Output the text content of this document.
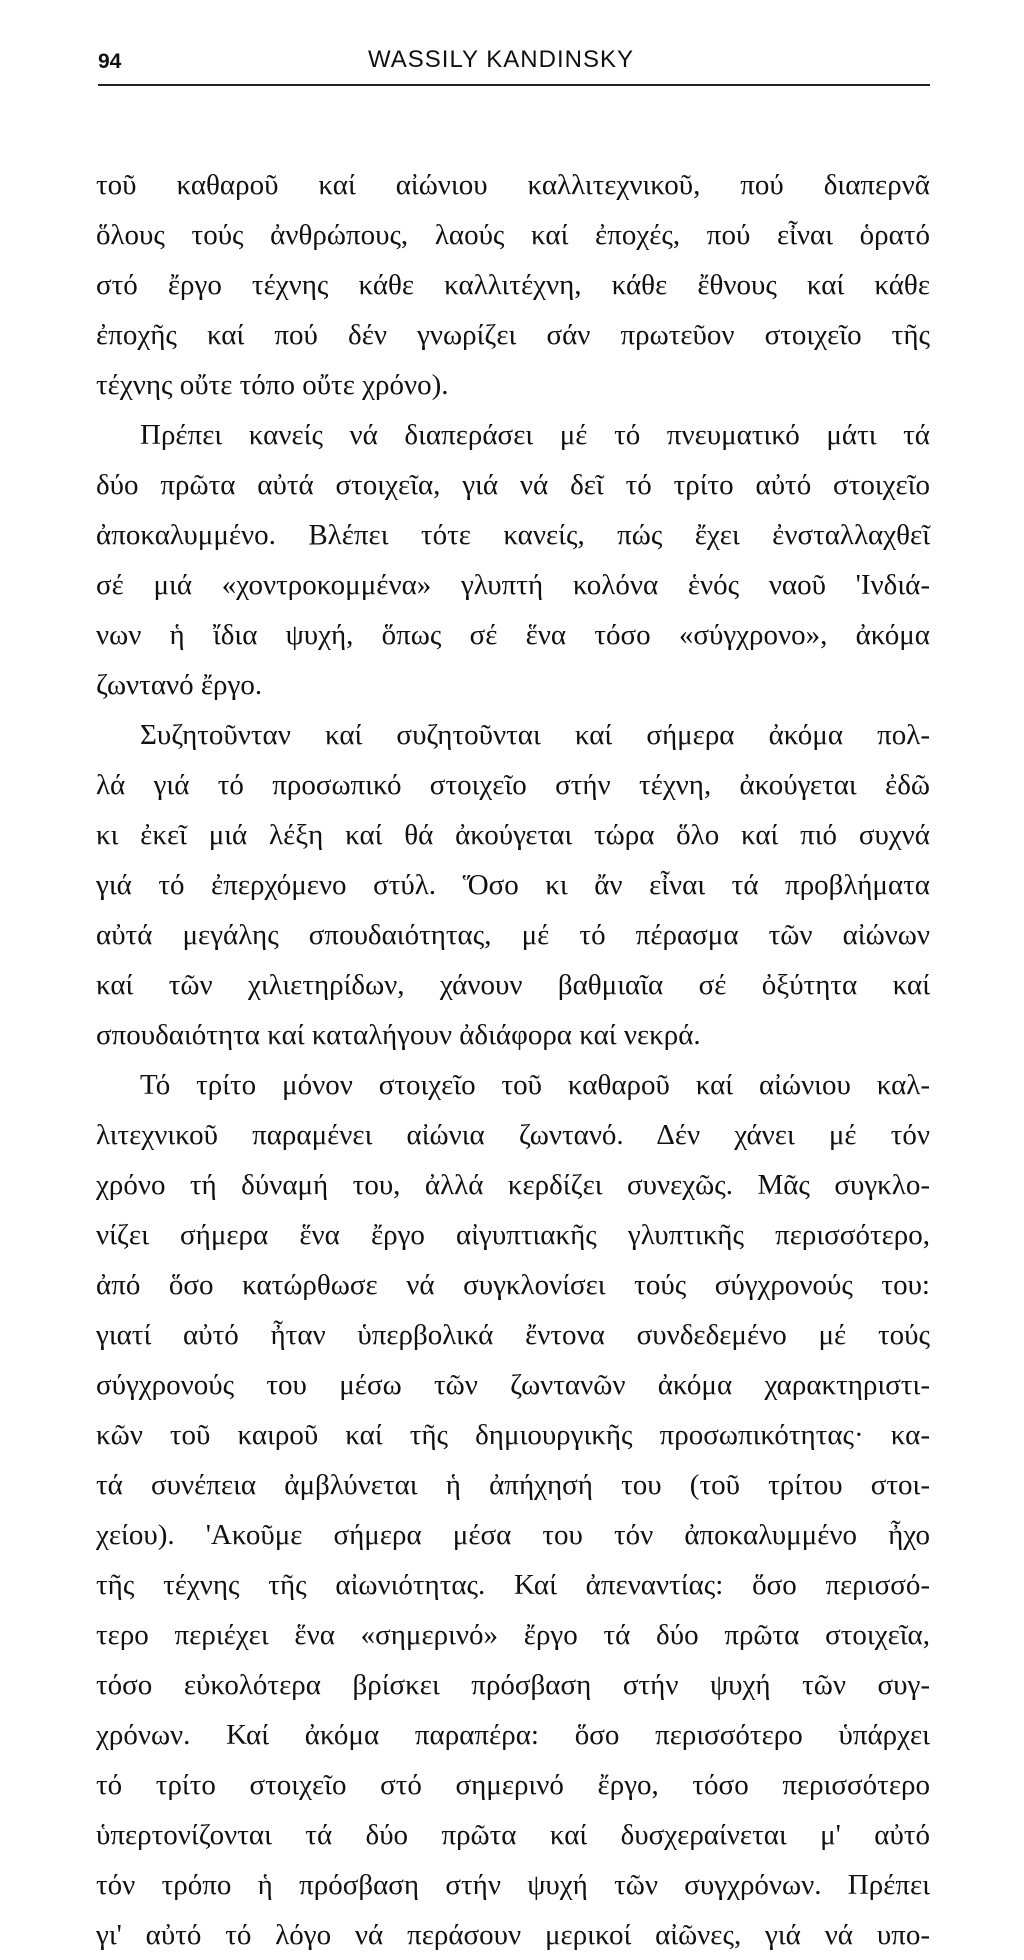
94	WASSILY KANDINSKY
τοῦ καθαροῦ καί αἰώνιου καλλιτεχνικοῦ, πού διαπερνᾶ
ὅλους τούς ἀνθρώπους, λαούς καί ἐποχές, πού εἶναι ὁρατό
στό ἔργο τέχνης κάθε καλλιτέχνη, κάθε ἔθνους καί κάθε
ἐποχῆς καί πού δέν γνωρίζει σάν πρωτεῦον στοιχεῖο τῆς
τέχνης οὔτε τόπο οὔτε χρόνο).
Πρέπει κανείς νά διαπεράσει μέ τό πνευματικό μάτι τά
δύο πρῶτα αὐτά στοιχεῖα, γιά νά δεῖ τό τρίτο αὐτό στοιχεῖο
ἀποκαλυμμένο. Βλέπει τότε κανείς, πώς ἔχει ἐνσταλλαχθεῖ
σέ μιά «χοντροκομμένα» γλυπτή κολόνα ἑνός ναοῦ 'Ινδιά-
νων ἡ ἴδια ψυχή, ὅπως σέ ἕνα τόσο «σύγχρονο», ἀκόμα
ζωντανό ἔργο.
Συζητοῦνταν καί συζητοῦνται καί σήμερα ἀκόμα πολ-
λά γιά τό προσωπικό στοιχεῖο στήν τέχνη, ἀκούγεται ἐδῶ
κι ἐκεῖ μιά λέξη καί θά ἀκούγεται τώρα ὅλο καί πιό συχνά
γιά τό ἐπερχόμενο στύλ. Ὅσο κι ἄν εἶναι τά προβλήματα
αὐτά μεγάλης σπουδαιότητας, μέ τό πέρασμα τῶν αἰώνων
καί τῶν χιλιετηρίδων, χάνουν βαθμιαῖα σέ ὀξύτητα καί
σπουδαιότητα καί καταλήγουν ἀδιάφορα καί νεκρά.
Τό τρίτο μόνον στοιχεῖο τοῦ καθαροῦ καί αἰώνιου καλ-
λιτεχνικοῦ παραμένει αἰώνια ζωντανό. Δέν χάνει μέ τόν
χρόνο τή δύναμή του, ἀλλά κερδίζει συνεχῶς. Μᾶς συγκλο-
νίζει σήμερα ἕνα ἔργο αἰγυπτιακῆς γλυπτικῆς περισσότερο,
ἀπό ὅσο κατώρθωσε νά συγκλονίσει τούς σύγχρονούς του:
γιατί αὐτό ἦταν ὑπερβολικά ἔντονα συνδεδεμένο μέ τούς
σύγχρονούς του μέσω τῶν ζωντανῶν ἀκόμα χαρακτηριστι-
κῶν τοῦ καιροῦ καί τῆς δημιουργικῆς προσωπικότητας· κα-
τά συνέπεια ἀμβλύνεται ἡ ἀπήχησή του (τοῦ τρίτου στοι-
χείου). 'Ακοῦμε σήμερα μέσα του τόν ἀποκαλυμμένο ἦχο
τῆς τέχνης τῆς αἰωνιότητας. Καί ἀπεναντίας: ὅσο περισσό-
τερο περιέχει ἕνα «σημερινό» ἔργο τά δύο πρῶτα στοιχεῖα,
τόσο εὐκολότερα βρίσκει πρόσβαση στήν ψυχή τῶν συγ-
χρόνων. Καί ἀκόμα παραπέρα: ὅσο περισσότερο ὑπάρχει
τό τρίτο στοιχεῖο στό σημερινό ἔργο, τόσο περισσότερο
ὑπερτονίζονται τά δύο πρῶτα καί δυσχεραίνεται μ' αὐτό
τόν τρόπο ἡ πρόσβαση στήν ψυχή τῶν συγχρόνων. Πρέπει
γι' αὐτό τό λόγο νά περάσουν μερικοί αἰῶνες, γιά νά υπο-
